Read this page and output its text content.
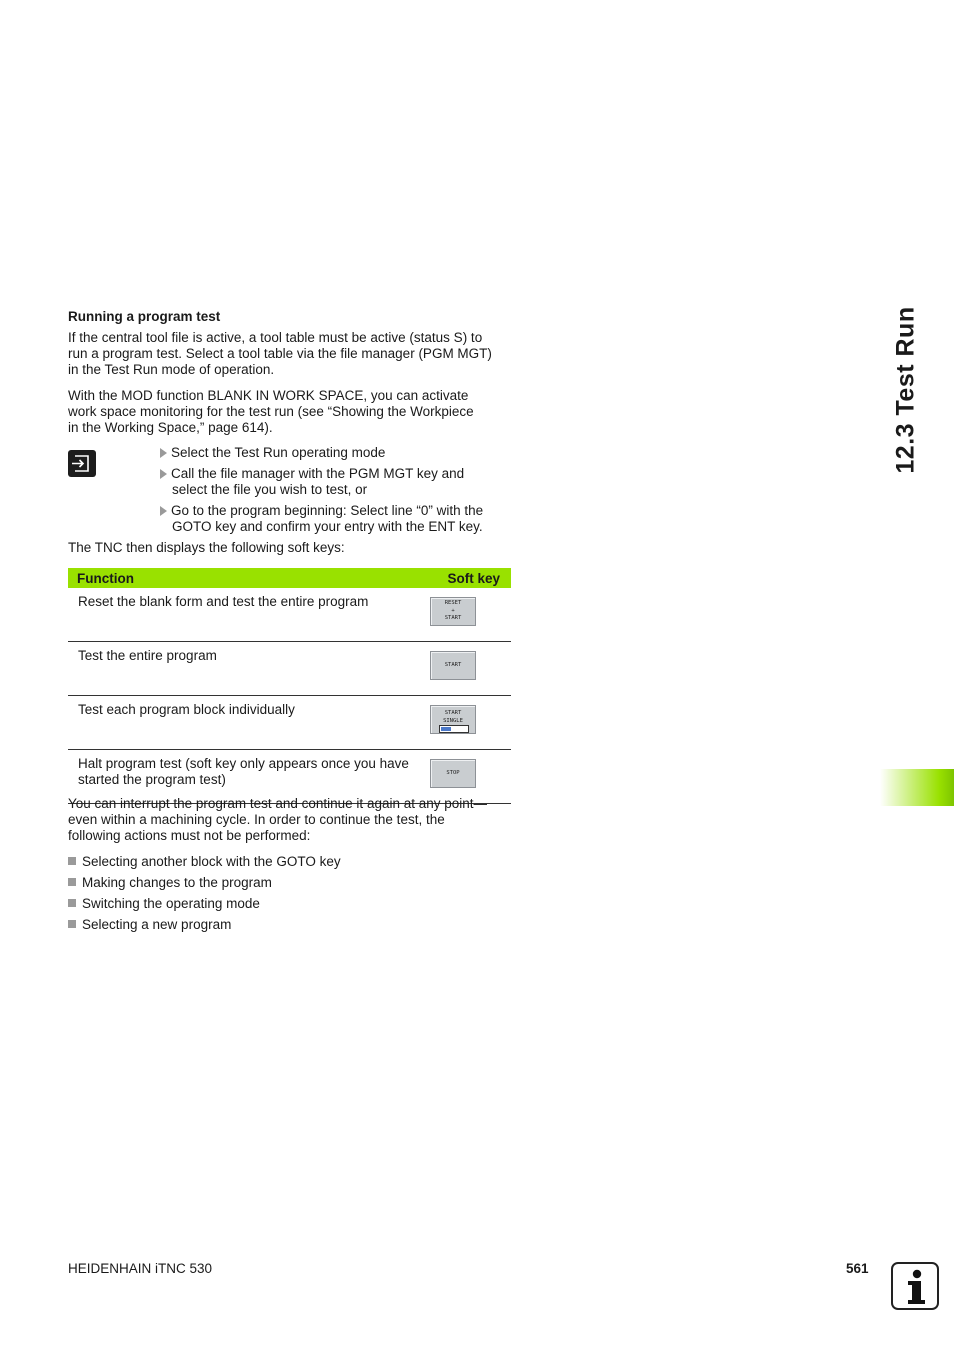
Running a program test

If the central tool file is active, a tool table must be active (status S) to
run a program test. Select a tool table via the file manager (PGM MGT)
in the Test Run mode of operation.

With the MOD function BLANK IN WORK SPACE, you can activate
work space monitoring for the test run (see “Showing the Workpiece
in the Working Space,” page 614).

Select the Test Run operating mode
Call the file manager with the PGM MGT key and
select the file you wish to test, or
Go to the program beginning: Select line “0” with the
GOTO key and confirm your entry with the ENT key.
The TNC then displays the following soft keys:
Function	Soft key

Reset the blank form and test the entire program	RESET
+
START

Test the entire program	START

Test each program block individually	START
SINGLE

Halt program test (soft key only appears once you have
started the program test)	STOP

You can interrupt the program test and continue it again at any point—
even within a machining cycle. In order to continue the test, the
following actions must not be performed:

Selecting another block with the GOTO key
Making changes to the program
Switching the operating mode
Selecting a new program
12.3 Test Run
HEIDENHAIN iTNC 530	561
